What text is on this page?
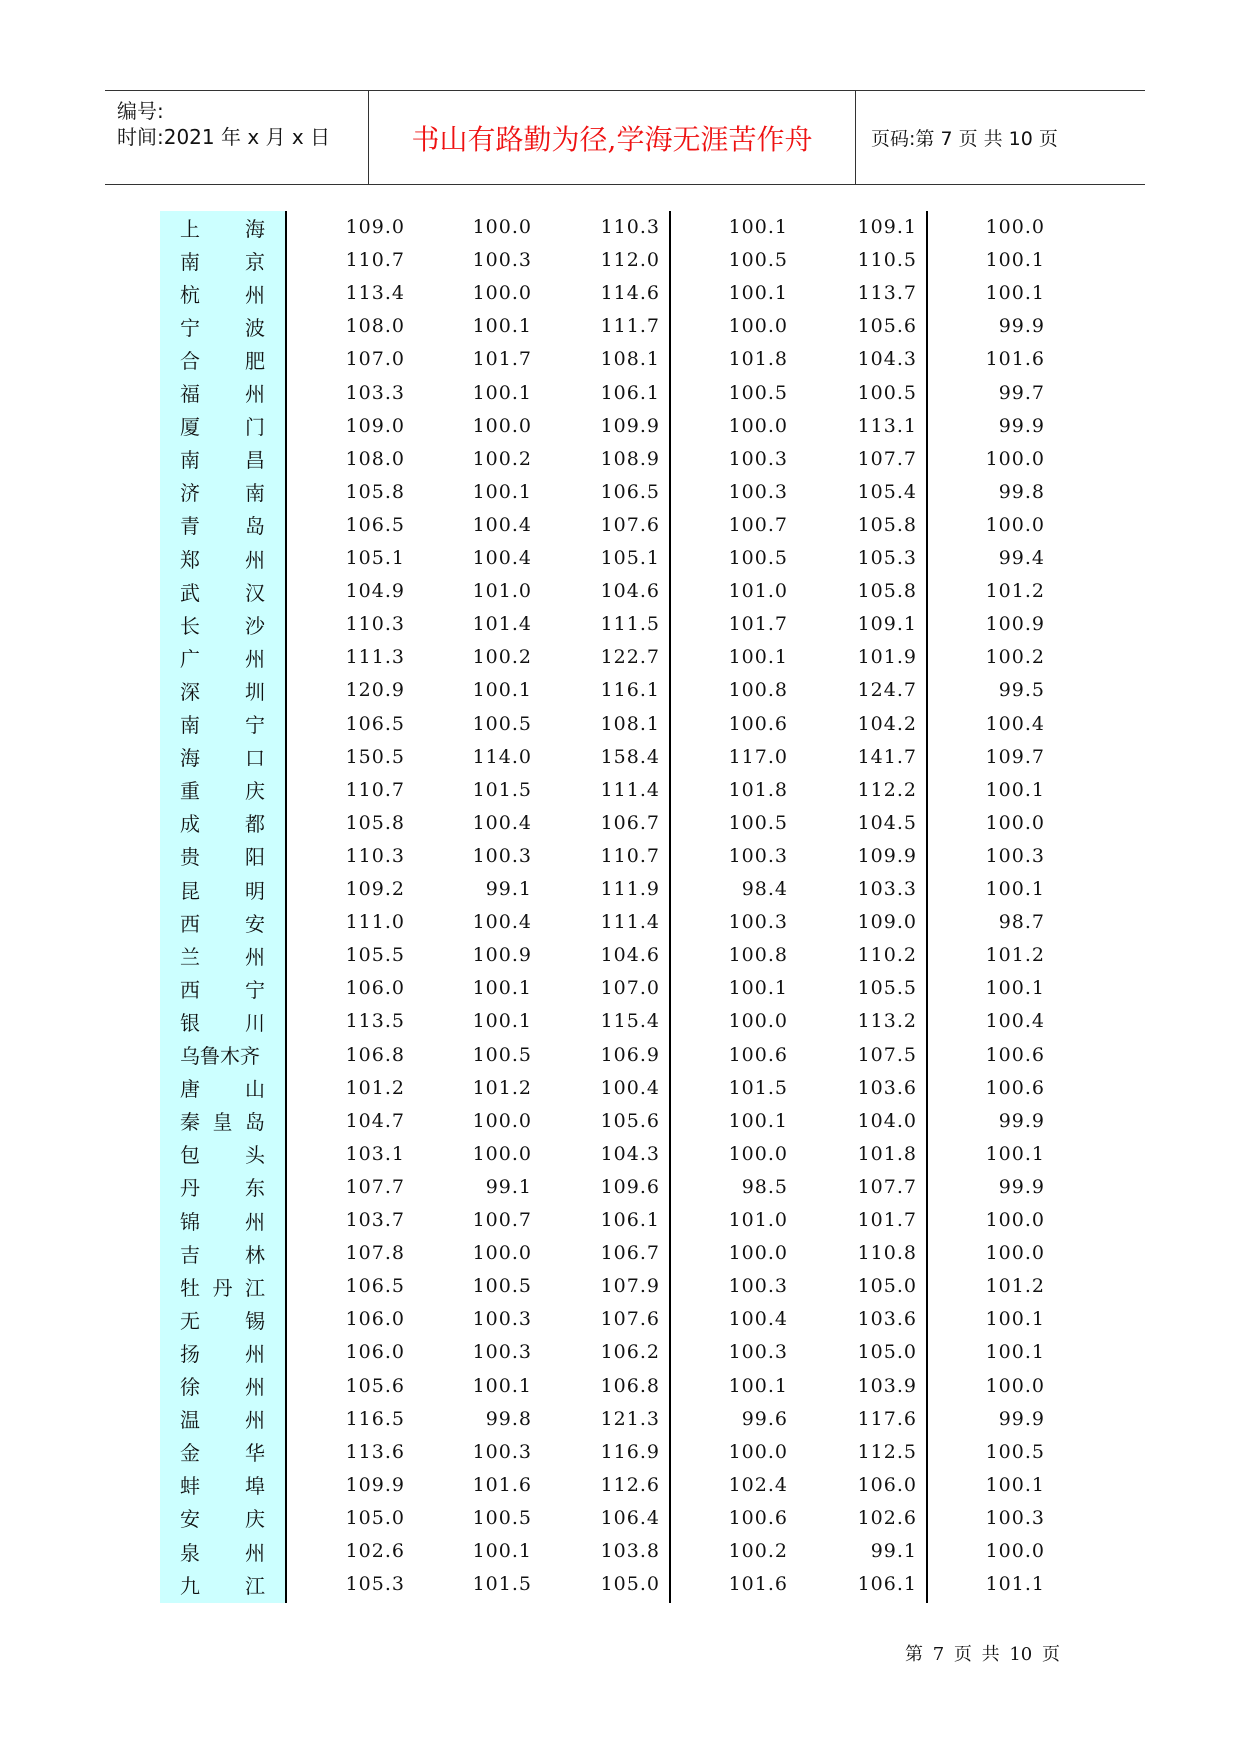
编号:
时间:2021 年 x 月 x 日	书山有路勤为径,学海无涯苦作舟	页码:第 7 页 共 10 页
上 海	109.0	100.0	110.3	100.1	109.1	100.0
南 京	110.7	100.3	112.0	100.5	110.5	100.1
杭 州	113.4	100.0	114.6	100.1	113.7	100.1
宁 波	108.0	100.1	111.7	100.0	105.6	99.9
合 肥	107.0	101.7	108.1	101.8	104.3	101.6
福 州	103.3	100.1	106.1	100.5	100.5	99.7
厦 门	109.0	100.0	109.9	100.0	113.1	99.9
南 昌	108.0	100.2	108.9	100.3	107.7	100.0
济 南	105.8	100.1	106.5	100.3	105.4	99.8
青 岛	106.5	100.4	107.6	100.7	105.8	100.0
郑 州	105.1	100.4	105.1	100.5	105.3	99.4
武 汉	104.9	101.0	104.6	101.0	105.8	101.2
长 沙	110.3	101.4	111.5	101.7	109.1	100.9
广 州	111.3	100.2	122.7	100.1	101.9	100.2
深 圳	120.9	100.1	116.1	100.8	124.7	99.5
南 宁	106.5	100.5	108.1	100.6	104.2	100.4
海 口	150.5	114.0	158.4	117.0	141.7	109.7
重 庆	110.7	101.5	111.4	101.8	112.2	100.1
成 都	105.8	100.4	106.7	100.5	104.5	100.0
贵 阳	110.3	100.3	110.7	100.3	109.9	100.3
昆 明	109.2	99.1	111.9	98.4	103.3	100.1
西 安	111.0	100.4	111.4	100.3	109.0	98.7
兰 州	105.5	100.9	104.6	100.8	110.2	101.2
西 宁	106.0	100.1	107.0	100.1	105.5	100.1
银 川	113.5	100.1	115.4	100.0	113.2	100.4
乌 鲁 木 齐	106.8	100.5	106.9	100.6	107.5	100.6
唐 山	101.2	101.2	100.4	101.5	103.6	100.6
秦 皇 岛	104.7	100.0	105.6	100.1	104.0	99.9
包 头	103.1	100.0	104.3	100.0	101.8	100.1
丹 东	107.7	99.1	109.6	98.5	107.7	99.9
锦 州	103.7	100.7	106.1	101.0	101.7	100.0
吉 林	107.8	100.0	106.7	100.0	110.8	100.0
牡 丹 江	106.5	100.5	107.9	100.3	105.0	101.2
无 锡	106.0	100.3	107.6	100.4	103.6	100.1
扬 州	106.0	100.3	106.2	100.3	105.0	100.1
徐 州	105.6	100.1	106.8	100.1	103.9	100.0
温 州	116.5	99.8	121.3	99.6	117.6	99.9
金 华	113.6	100.3	116.9	100.0	112.5	100.5
蚌 埠	109.9	101.6	112.6	102.4	106.0	100.1
安 庆	105.0	100.5	106.4	100.6	102.6	100.3
泉 州	102.6	100.1	103.8	100.2	99.1	100.0
九 江	105.3	101.5	105.0	101.6	106.1	101.1
第 7 页 共 10 页
